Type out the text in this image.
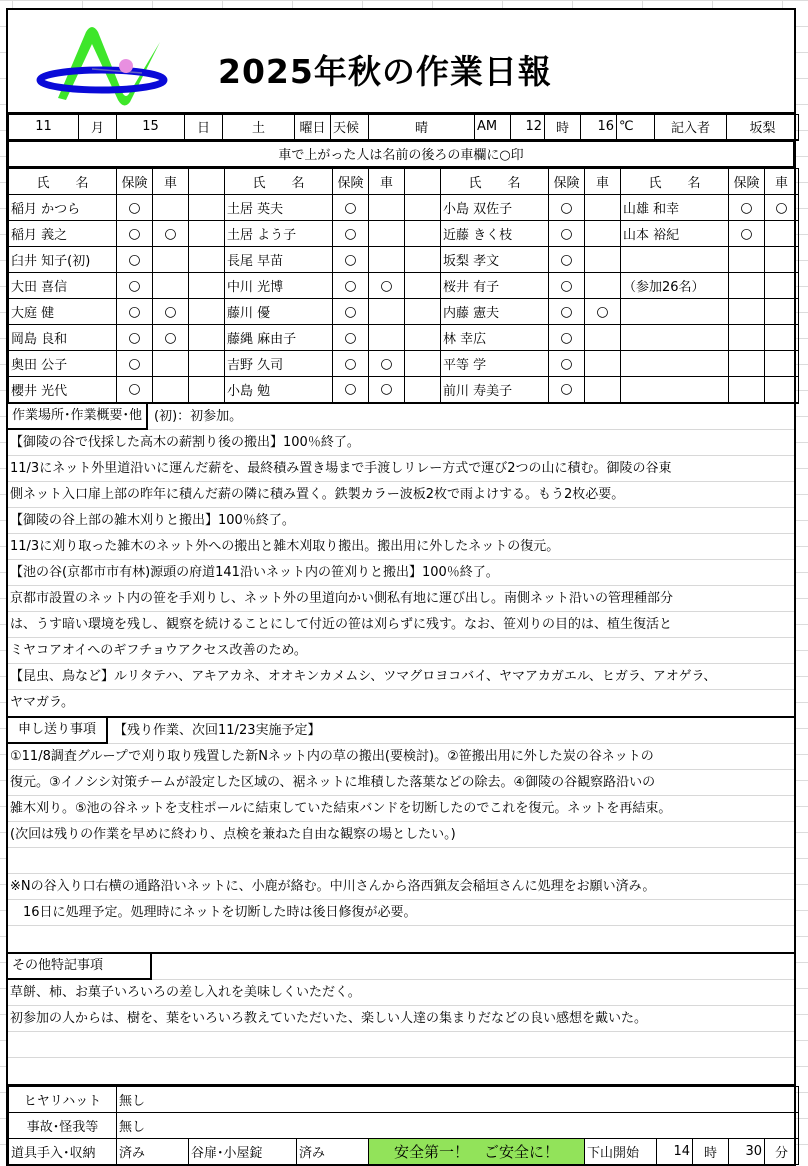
2025年秋の作業日報
11	月	15	日	土	曜日	天候	晴	AM	12	時	16	℃	記入者	坂梨
車で上がった人は名前の後ろの車欄に○印
氏　　名	保険	車		氏　　名	保険	車		氏　　名	保険	車	氏　　名	保険	車
稲月 かつら	○			土居 英夫	○			小島 双佐子	○		山雄 和幸	○	○
稲月 義之	○	○		土居 よう子	○			近藤 きく枝	○		山本 裕紀	○	
臼井 知子(初)	○			長尾 早苗	○			坂梨 孝文	○				
大田 喜信	○			中川 光博	○	○		桜井 有子	○		（参加26名）		
大庭 健	○	○		藤川 優	○			内藤 憲夫	○	○			
岡島 良和	○	○		藤縄 麻由子	○			林 幸広	○				
奥田 公子	○			吉野 久司	○	○		平等 学	○				
櫻井 光代	○			小島 勉	○	○		前川 寿美子	○				
作業場所･作業概要･他 (初)：初参加。
【御陵の谷で伐採した高木の薪割り後の搬出】100％終了。
11/3にネット外里道沿いに運んだ薪を、最終積み置き場まで手渡しリレー方式で運び2つの山に積む。御陵の谷東
側ネット入口扉上部の昨年に積んだ薪の隣に積み置く。鉄製カラー波板2枚で雨よけする。もう2枚必要。
【御陵の谷上部の雑木刈りと搬出】100％終了。
11/3に刈り取った雑木のネット外への搬出と雑木刈取り搬出。搬出用に外したネットの復元。
【池の谷(京都市市有林)源頭の府道141沿いネット内の笹刈りと搬出】100％終了。
京都市設置のネット内の笹を手刈りし、ネット外の里道向かい側私有地に運び出し。南側ネット沿いの管理種部分
は、うす暗い環境を残し、観察を続けることにして付近の笹は刈らずに残す。なお、笹刈りの目的は、植生復活と
ミヤコアオイへのギフチョウアクセス改善のため。
【昆虫、鳥など】ルリタテハ、アキアカネ、オオキンカメムシ、ツマグロヨコバイ、ヤマアカガエル、ヒガラ、アオゲラ、
ヤマガラ。
申し送り事項 【残り作業、次回11/23実施予定】
①11/8調査グループで刈り取り残置した新Nネット内の草の搬出(要検討)。②笹搬出用に外した炭の谷ネットの
復元。③イノシシ対策チームが設定した区域の、裾ネットに堆積した落葉などの除去。④御陵の谷観察路沿いの
雑木刈り。⑤池の谷ネットを支柱ポールに結束していた結束バンドを切断したのでこれを復元。ネットを再結束。
(次回は残りの作業を早めに終わり、点検を兼ねた自由な観察の場としたい。)
※Nの谷入り口右横の通路沿いネットに、小鹿が絡む。中川さんから洛西猟友会稲垣さんに処理をお願い済み。
　16日に処理予定。処理時にネットを切断した時は後日修復が必要。
その他特記事項
草餅、柿、お菓子いろいろの差し入れを美味しくいただく。
初参加の人からは、樹を、葉をいろいろ教えていただいた、楽しい人達の集まりだなどの良い感想を戴いた。
ヒヤリハット	無し								
事故･怪我等	無し								
道具手入･収納	済み	谷扉･小屋錠	済み	安全第一！　ご安全に！	下山開始	14	時	30	分
